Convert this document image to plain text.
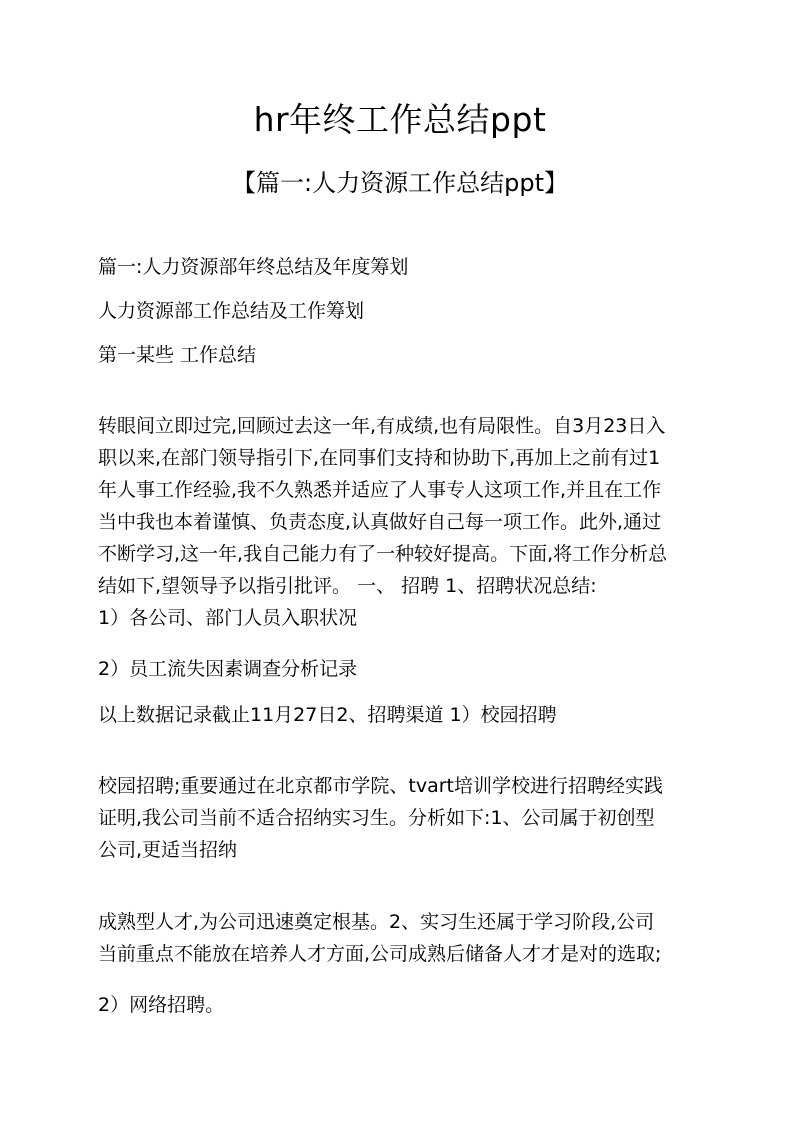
hr年终工作总结ppt
【篇一:人力资源工作总结ppt】
篇一:人力资源部年终总结及年度筹划
人力资源部工作总结及工作筹划
第一某些 工作总结

转眼间立即过完,回顾过去这一年,有成绩,也有局限性。自3月23日入

职以来,在部门领导指引下,在同事们支持和协助下,再加上之前有过1

年人事工作经验,我不久熟悉并适应了人事专人这项工作,并且在工作

当中我也本着谨慎、负责态度,认真做好自己每一项工作。此外,通过

不断学习,这一年,我自己能力有了一种较好提高。下面,将工作分析总

结如下,望领导予以指引批评。 一、 招聘 1、招聘状况总结:

1）各公司、部门人员入职状况

2）员工流失因素调查分析记录
以上数据记录截止11月27日2、招聘渠道 1）校园招聘

校园招聘;重要通过在北京都市学院、tvart培训学校进行招聘经实践

证明,我公司当前不适合招纳实习生。分析如下:1、公司属于初创型

公司,更适当招纳

成熟型人才,为公司迅速奠定根基。2、实习生还属于学习阶段,公司

当前重点不能放在培养人才方面,公司成熟后储备人才才是对的选取;

2）网络招聘。
